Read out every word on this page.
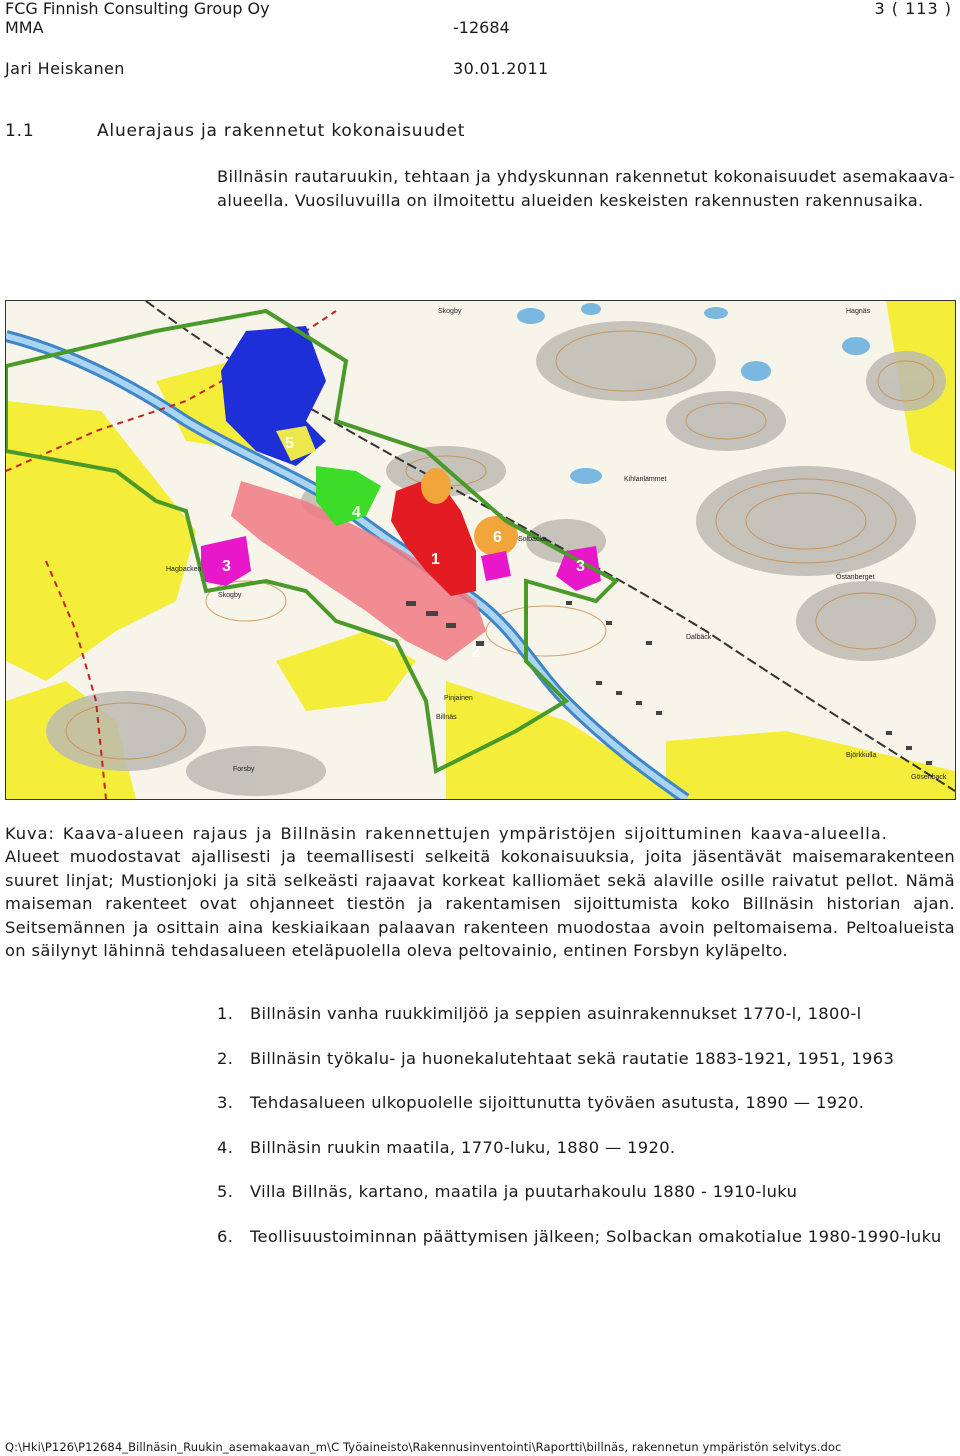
FCG Finnish Consulting Group Oy	3 ( 113 )
MMA	-12684
Jari Heiskanen	30.01.2011
1.1	Aluerajaus ja rakennetut kokonaisuudet
Billnäsin rautaruukin, tehtaan ja yhdyskunnan rakennetut kokonaisuudet asemakaava-alueella. Vuosiluvuilla on ilmoitettu alueiden keskeisten rakennusten rakennusaika.
1
2
3	3
4
5
6
Skogby	Hagnäs
Kihlanlammet
Östanberget
Dalbäck
Pinjainen
Billnäs
Forsby
Björkkulla
Gösenback
Skogby
Hagbacken
Solbacka
Kuva: Kaava-alueen rajaus ja Billnäsin rakennettujen ympäristöjen sijoittuminen kaava-alueella.
Alueet muodostavat ajallisesti ja teemallisesti selkeitä kokonaisuuksia, joita jäsentävät maisemarakenteen suuret linjat; Mustionjoki ja sitä selkeästi rajaavat korkeat kalliomäet sekä alaville osille raivatut pellot. Nämä maiseman rakenteet ovat ohjanneet tiestön ja rakentamisen sijoittumista koko Billnäsin historian ajan. Seitsemännen ja osittain aina keskiaikaan palaavan rakenteen muodostaa avoin peltomaisema. Peltoalueista on säilynyt lähinnä tehdasalueen eteläpuolella oleva peltovainio, entinen Forsbyn kyläpelto.
1. Billnäsin vanha ruukkimiljöö ja seppien asuinrakennukset 1770-l, 1800-l
2. Billnäsin työkalu- ja huonekalutehtaat sekä rautatie 1883-1921, 1951, 1963
3. Tehdasalueen ulkopuolelle sijoittunutta työväen asutusta, 1890 — 1920.
4. Billnäsin ruukin maatila, 1770-luku, 1880 — 1920.
5. Villa Billnäs, kartano, maatila ja puutarhakoulu 1880 - 1910-luku
6. Teollisuustoiminnan päättymisen jälkeen; Solbackan omakotialue 1980-1990-luku
Q:\Hki\P126\P12684_Billnäsin_Ruukin_asemakaavan_m\C Työaineisto\Rakennusinventointi\Raportti\billnäs, rakennetun ympäristön selvitys.doc
